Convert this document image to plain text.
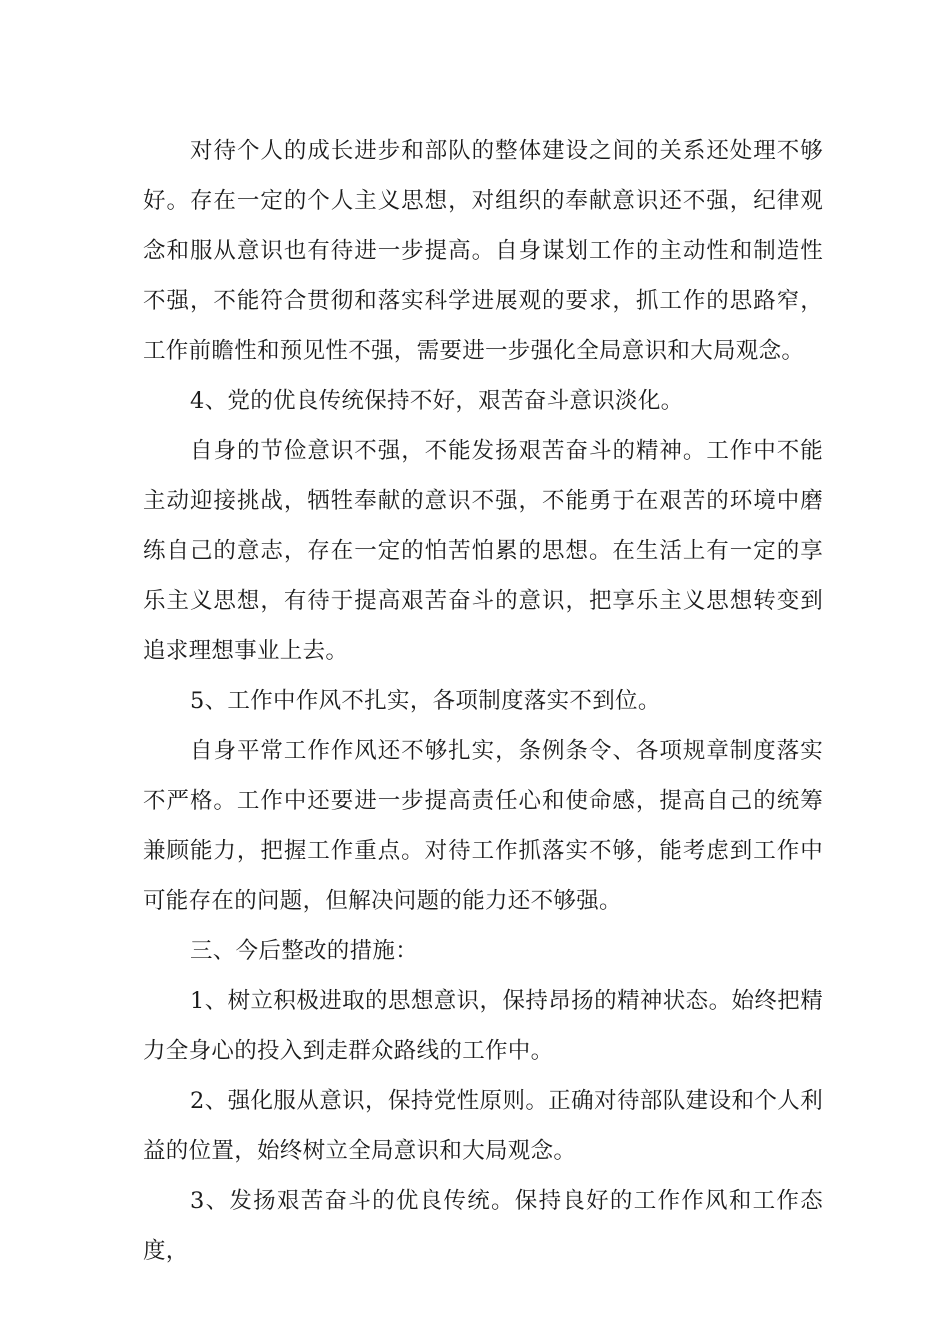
对待个人的成长进步和部队的整体建设之间的关系还处理不够好。存在一定的个人主义思想，对组织的奉献意识还不强，纪律观念和服从意识也有待进一步提高。自身谋划工作的主动性和制造性不强，不能符合贯彻和落实科学进展观的要求，抓工作的思路窄，工作前瞻性和预见性不强，需要进一步强化全局意识和大局观念。

4、党的优良传统保持不好，艰苦奋斗意识淡化。

自身的节俭意识不强，不能发扬艰苦奋斗的精神。工作中不能主动迎接挑战，牺牲奉献的意识不强，不能勇于在艰苦的环境中磨练自己的意志，存在一定的怕苦怕累的思想。在生活上有一定的享乐主义思想，有待于提高艰苦奋斗的意识，把享乐主义思想转变到追求理想事业上去。

5、工作中作风不扎实，各项制度落实不到位。

自身平常工作作风还不够扎实，条例条令、各项规章制度落实不严格。工作中还要进一步提高责任心和使命感，提高自己的统筹兼顾能力，把握工作重点。对待工作抓落实不够，能考虑到工作中可能存在的问题，但解决问题的能力还不够强。

三、今后整改的措施：

1、树立积极进取的思想意识，保持昂扬的精神状态。始终把精力全身心的投入到走群众路线的工作中。

2、强化服从意识，保持党性原则。正确对待部队建设和个人利益的位置，始终树立全局意识和大局观念。

3、发扬艰苦奋斗的优良传统。保持良好的工作作风和工作态度，
